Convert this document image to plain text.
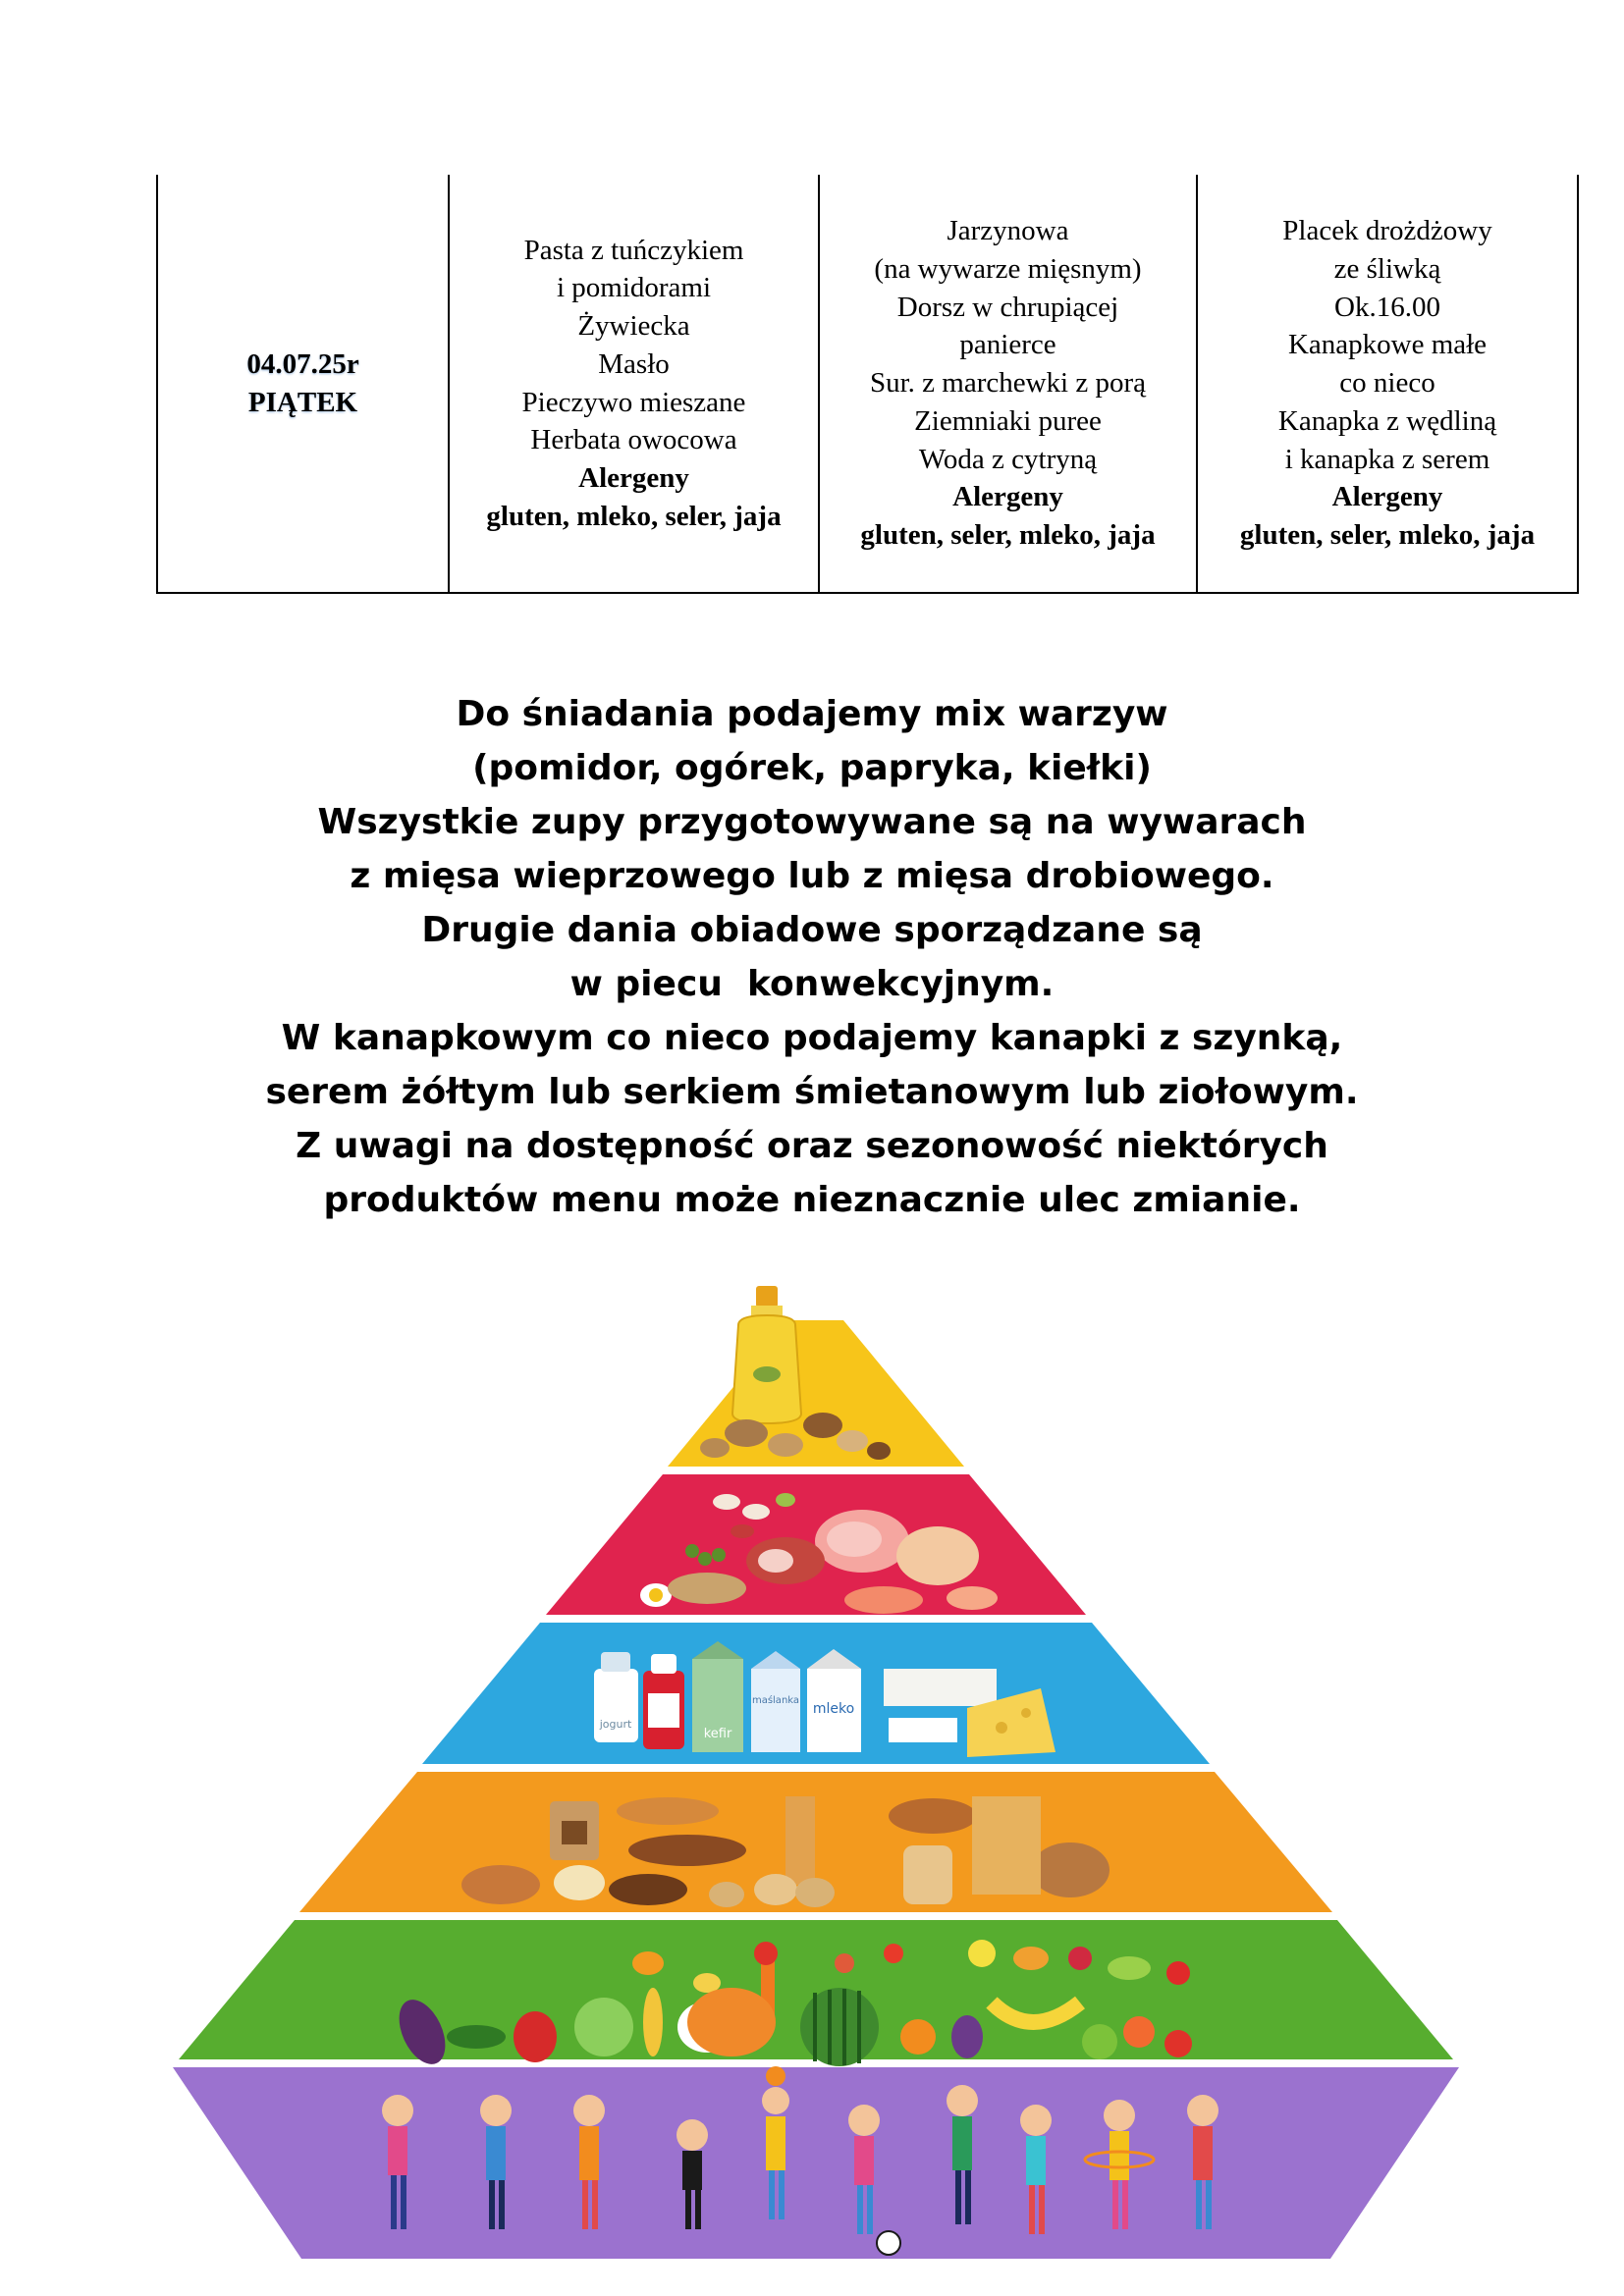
04.07.25r
PIĄTEK

Pasta z tuńczykiem
i pomidorami
Żywiecka
Masło
Pieczywo mieszane
Herbata owocowa
Alergeny
gluten, mleko, seler, jaja

Jarzynowa
(na wywarze mięsnym)
Dorsz w chrupiącej
panierce
Sur. z marchewki z porą
Ziemniaki puree
Woda z cytryną
Alergeny
gluten, seler, mleko, jaja

Placek drożdżowy
ze śliwką
Ok.16.00
Kanapkowe małe
co nieco
Kanapka z wędliną
i kanapka z serem
Alergeny
gluten, seler, mleko, jaja
Do śniadania podajemy mix warzyw
(pomidor, ogórek, papryka, kiełki)
Wszystkie zupy przygotowywane są na wywarach
z mięsa wieprzowego lub z mięsa drobiowego.
Drugie dania obiadowe sporządzane są
w piecu  konwekcyjnym.
W kanapkowym co nieco podajemy kanapki z szynką,
serem żółtym lub serkiem śmietanowym lub ziołowym.
Z uwagi na dostępność oraz sezonowość niektórych
produktów menu może nieznacznie ulec zmianie.
jogurt
kefir
maślanka
mleko
